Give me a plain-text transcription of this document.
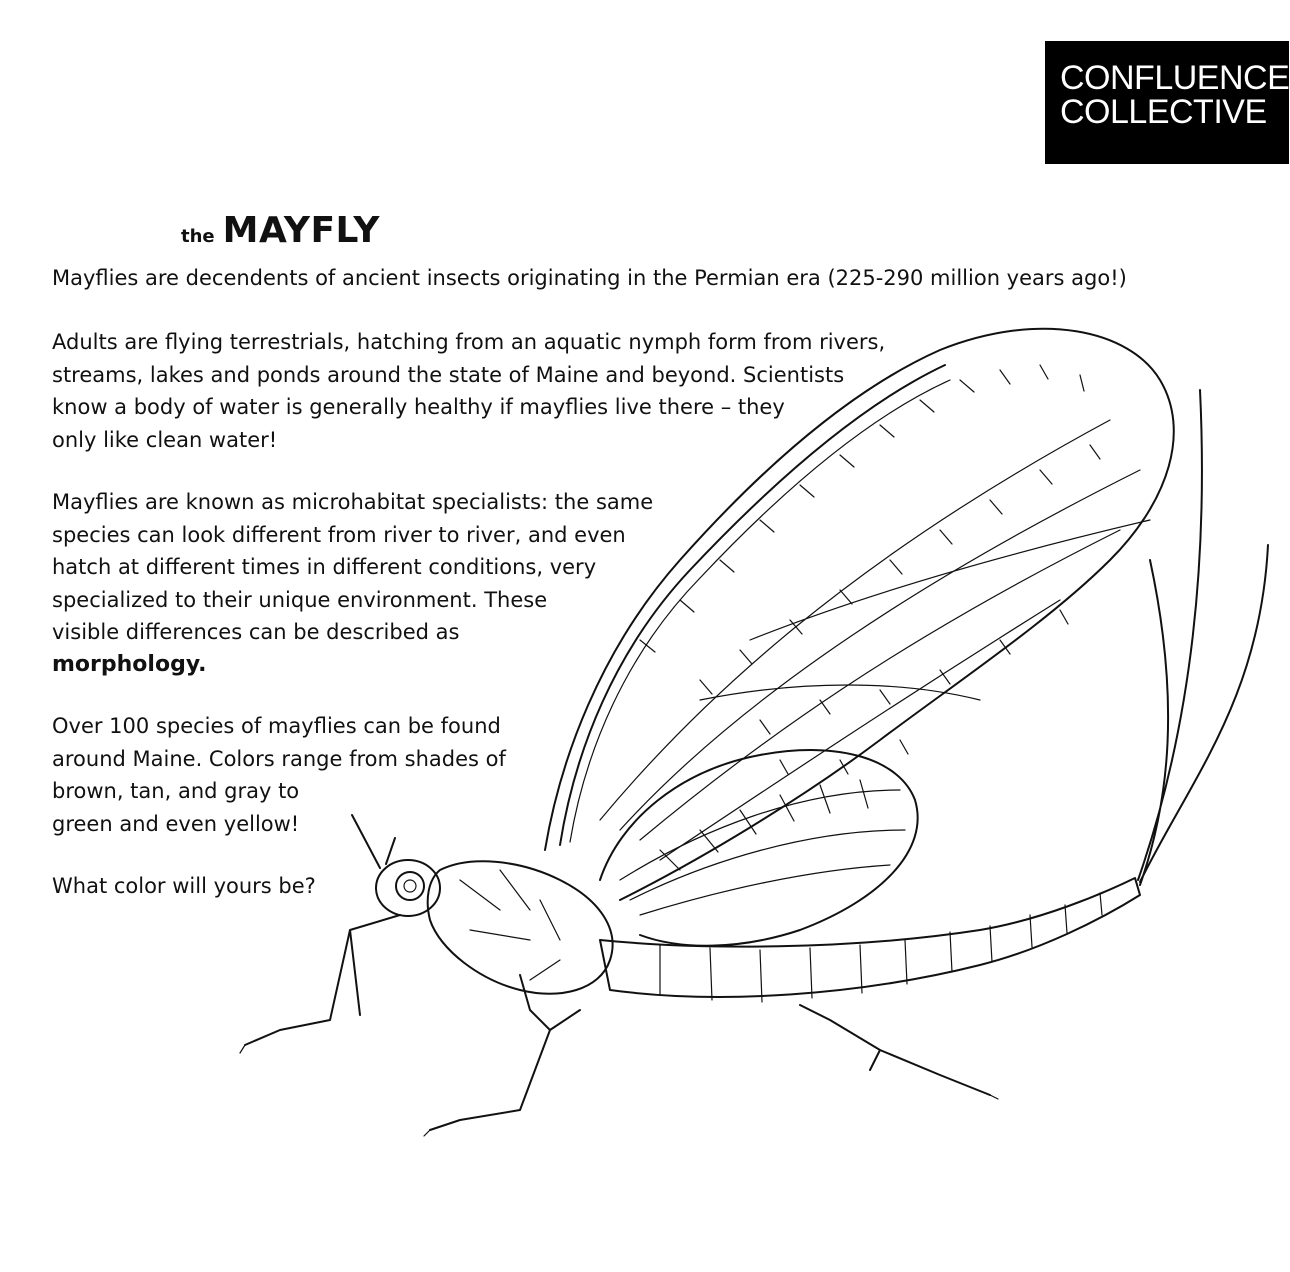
CONFLUENCE
COLLECTIVE
the MAYFLY
Mayflies are decendents of ancient insects originating in the Permian era (225-290 million years ago!)
Adults are flying terrestrials, hatching from an aquatic nymph form from rivers,
streams, lakes and ponds around the state of Maine and beyond. Scientists
know a body of water is generally healthy if mayflies live there – they
only like clean water!
Mayflies are known as microhabitat specialists: the same
species can look different from river to river, and even
hatch at different times in different conditions, very
specialized to their unique environment. These
visible differences can be described as
morphology.
Over 100 species of mayflies can be found
around Maine. Colors range from shades of
brown, tan, and gray to
green and even yellow!
What color will yours be?
